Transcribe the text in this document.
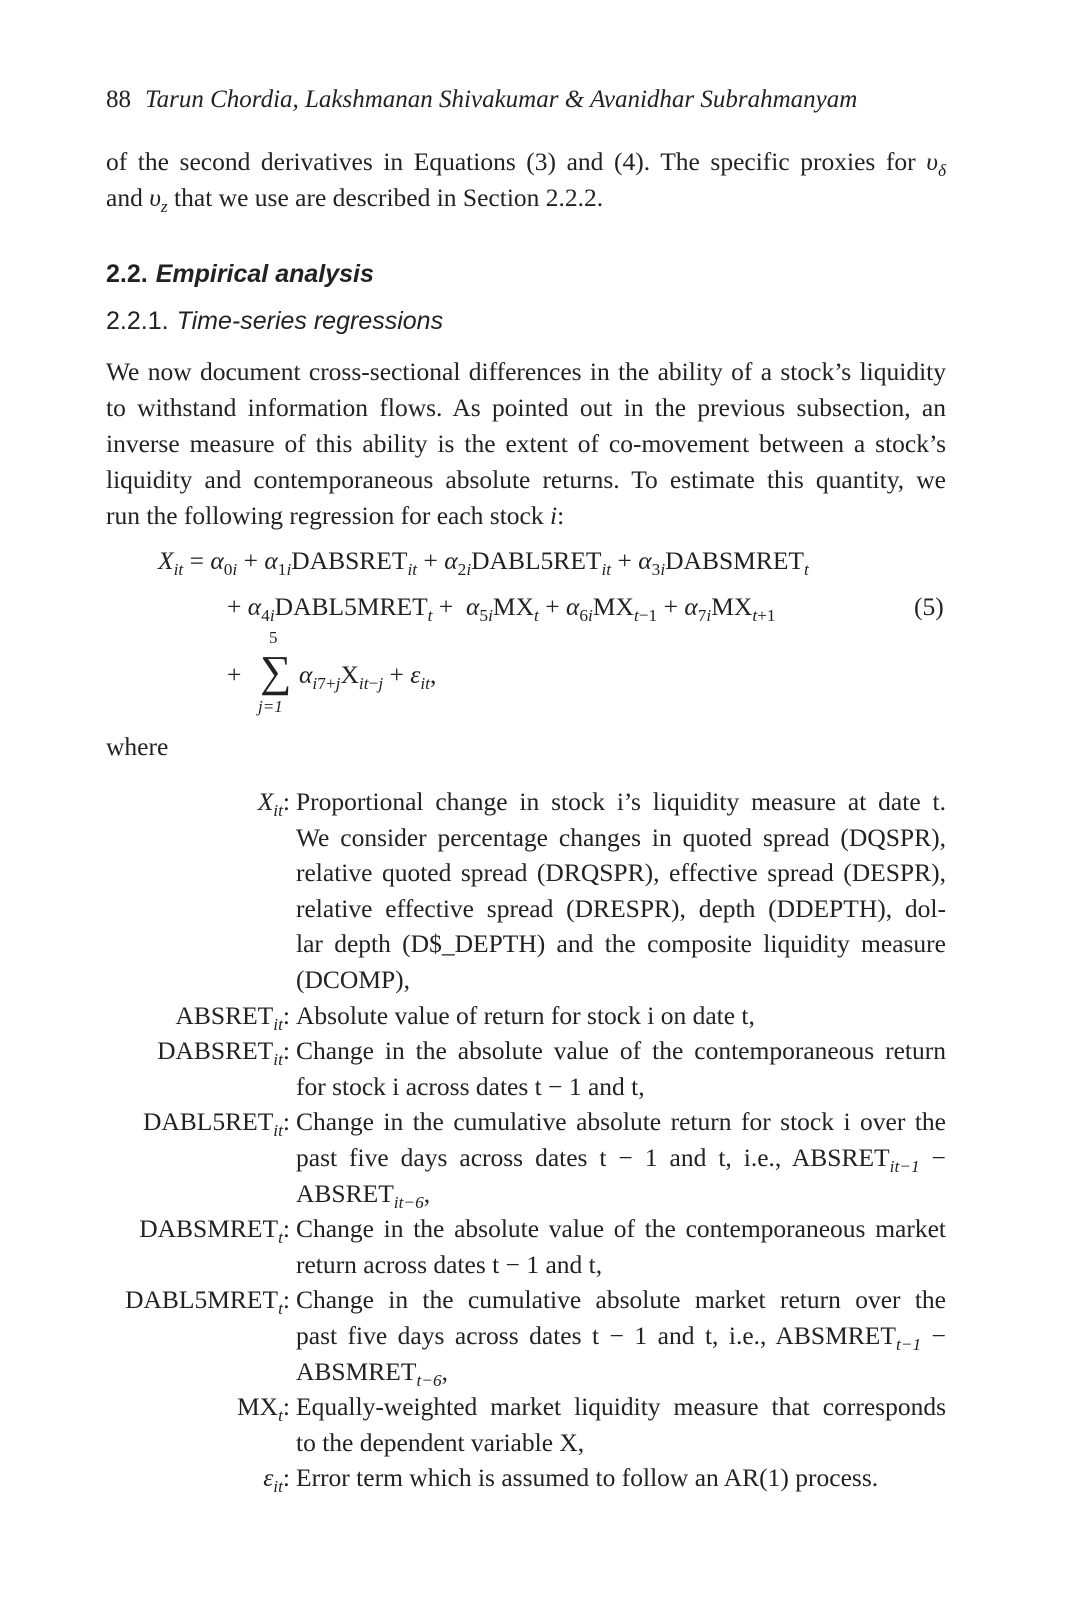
88 Tarun Chordia, Lakshmanan Shivakumar & Avanidhar Subrahmanyam
of the second derivatives in Equations (3) and (4). The specific proxies for $\upsilon_\delta$
and $\upsilon_z$ that we use are described in Section 2.2.2.
2.2. Empirical analysis
2.2.1. Time-series regressions
We now document cross-sectional differences in the ability of a stock’s liquidity
to withstand information flows. As pointed out in the previous subsection, an
inverse measure of this ability is the extent of co-movement between a stock’s
liquidity and contemporaneous absolute returns. To estimate this quantity, we
run the following regression for each stock i:
$X_{it} = \alpha_{0i}$ + $\alpha_{1i}DABSRET_{it}$ + $\alpha_{2i}DABL5RET_{it}$ + $\alpha_{3i}DABSMRET_t$
+ $\alpha_{4i}DABL5MRET_t + \alpha_{5i}MX_t + \alpha_{6i}MX_{t-1} + \alpha_{7i}MX_{t+1}$	(5)
+
5
∑
j=1
$\alpha_{i7+j}X_{it-j} + \varepsilon_{it}$,
where
$X_{it}$: Proportional change in stock i’s liquidity measure at date t.
We consider percentage changes in quoted spread (DQSPR),
relative quoted spread (DRQSPR), effective spread (DESPR),
relative effective spread (DRESPR), depth (DDEPTH), dol-
lar depth (D$_DEPTH) and the composite liquidity measure
(DCOMP),
$ABSRET_{it}$: Absolute value of return for stock i on date t,
$DABSRET_{it}$: Change in the absolute value of the contemporaneous return
for stock i across dates t − 1 and t,
$DABL5RET_{it}$: Change in the cumulative absolute return for stock i over the
past five days across dates t − 1 and t, i.e., $ABSRET_{it-1}$ −
$ABSRET_{it-6}$,
$DABSMRET_t$: Change in the absolute value of the contemporaneous market
return across dates t − 1 and t,
$DABL5MRET_t$: Change in the cumulative absolute market return over the
past five days across dates t − 1 and t, i.e., $ABSMRET_{t-1}$ −
$ABSMRET_{t-6}$,
$MX_t$: Equally-weighted market liquidity measure that corresponds
to the dependent variable X,
$\varepsilon_{it}$: Error term which is assumed to follow an AR(1) process.
